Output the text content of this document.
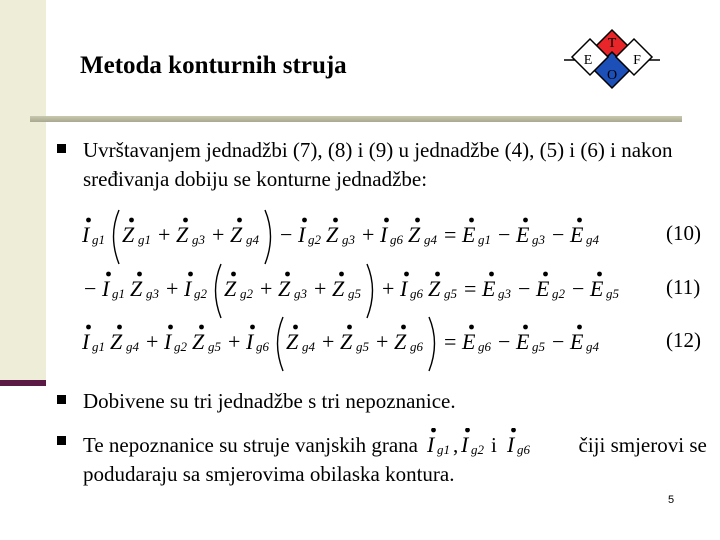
Metoda konturnih struja
T
E	F
O
Uvrštavanjem jednadžbi (7), (8) i (9) u jednadžbe (4), (5) i (6) i nakon sređivanja dobiju se konturne jednadžbe:
I g1 Z g1 + Z g3 + Z g4 − I g2 Z g3 + I g6 Z g4 = E g1 − E g3 − E g4	(10)
− I g1 Z g3 + I g2 Z g2 + Z g3 + Z g5 + I g6 Z g5 = E g3 − E g2 − E g5 (11)
I g1 Z g4 + I g2 Z g5 + I g6 Z g4 + Z g5 + Z g6 = E g6 − E g5 − E g4	(12)
Dobivene su tri jednadžbe s tri nepoznanice.
Te nepoznanice su struje vanjskih grana I g1 , I g2 i I g6 čiji smjerovi se podudaraju sa smjerovima obilaska kontura.
5
